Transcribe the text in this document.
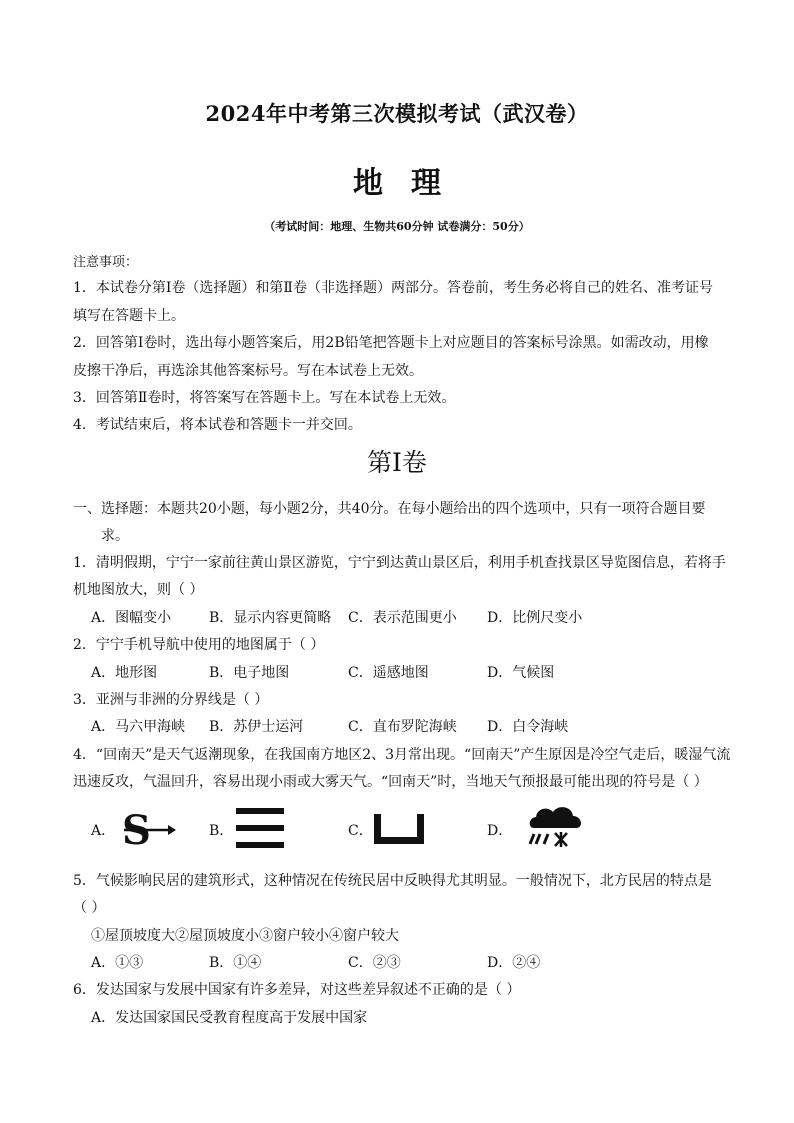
2024年中考第三次模拟考试（武汉卷）
地理
（考试时间：地理、生物共60分钟 试卷满分：50分）
注意事项：
1．本试卷分第Ⅰ卷（选择题）和第Ⅱ卷（非选择题）两部分。答卷前，考生务必将自己的姓名、准考证号
填写在答题卡上。
2．回答第Ⅰ卷时，选出每小题答案后，用2B铅笔把答题卡上对应题目的答案标号涂黑。如需改动，用橡
皮擦干净后，再选涂其他答案标号。写在本试卷上无效。
3．回答第Ⅱ卷时，将答案写在答题卡上。写在本试卷上无效。
4．考试结束后，将本试卷和答题卡一并交回。
第Ⅰ卷
一、选择题：本题共20小题，每小题2分，共40分。在每小题给出的四个选项中，只有一项符合题目要
求。
1．清明假期，宁宁一家前往黄山景区游览，宁宁到达黄山景区后，利用手机查找景区导览图信息，若将手
机地图放大，则（ ）
A．图幅变小	B．显示内容更简略 C．表示范围更小 D．比例尺变小
2．宁宁手机导航中使用的地图属于（ ）
A．地形图	B．电子地图	C．遥感地图	D．气候图
3．亚洲与非洲的分界线是（ ）
A．马六甲海峡 B．苏伊士运河	C．直布罗陀海峡 D．白令海峡
4．“回南天”是天气返潮现象，在我国南方地区2、3月常出现。“回南天”产生原因是冷空气走后，暖湿气流
迅速反攻，气温回升，容易出现小雨或大雾天气。“回南天”时，当地天气预报最可能出现的符号是（ ）
A． S	B．	C．	D．
5．气候影响民居的建筑形式，这种情况在传统民居中反映得尤其明显。一般情况下，北方民居的特点是
（ ）
①屋顶坡度大②屋顶坡度小③窗户较小④窗户较大
A．①③	B．①④	C．②③	D．②④
6．发达国家与发展中国家有许多差异，对这些差异叙述不正确的是（ ）
A．发达国家国民受教育程度高于发展中国家
